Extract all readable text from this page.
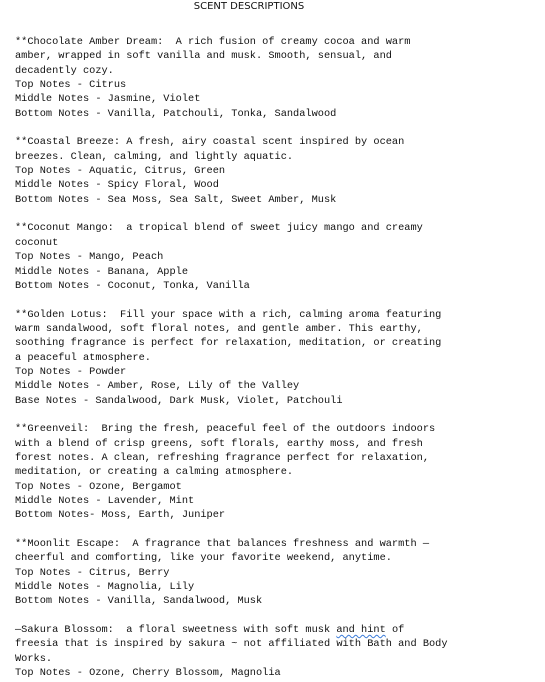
SCENT DESCRIPTIONS
**Chocolate Amber Dream:  A rich fusion of creamy cocoa and warm
amber, wrapped in soft vanilla and musk. Smooth, sensual, and
decadently cozy.
Top Notes - Citrus
Middle Notes - Jasmine, Violet
Bottom Notes - Vanilla, Patchouli, Tonka, Sandalwood
**Coastal Breeze: A fresh, airy coastal scent inspired by ocean
breezes. Clean, calming, and lightly aquatic.
Top Notes - Aquatic, Citrus, Green
Middle Notes - Spicy Floral, Wood
Bottom Notes - Sea Moss, Sea Salt, Sweet Amber, Musk
**Coconut Mango:  a tropical blend of sweet juicy mango and creamy
coconut
Top Notes - Mango, Peach
Middle Notes - Banana, Apple
Bottom Notes - Coconut, Tonka, Vanilla
**Golden Lotus:  Fill your space with a rich, calming aroma featuring
warm sandalwood, soft floral notes, and gentle amber. This earthy,
soothing fragrance is perfect for relaxation, meditation, or creating
a peaceful atmosphere.
Top Notes - Powder
Middle Notes - Amber, Rose, Lily of the Valley
Base Notes - Sandalwood, Dark Musk, Violet, Patchouli
**Greenveil:  Bring the fresh, peaceful feel of the outdoors indoors
with a blend of crisp greens, soft florals, earthy moss, and fresh
forest notes. A clean, refreshing fragrance perfect for relaxation,
meditation, or creating a calming atmosphere.
Top Notes - Ozone, Bergamot
Middle Notes - Lavender, Mint
Bottom Notes- Moss, Earth, Juniper
**Moonlit Escape:  A fragrance that balances freshness and warmth —
cheerful and comforting, like your favorite weekend, anytime.
Top Notes - Citrus, Berry
Middle Notes - Magnolia, Lily
Bottom Notes - Vanilla, Sandalwood, Musk
—Sakura Blossom:  a floral sweetness with soft musk and hint of
freesia that is inspired by sakura ~ not affiliated with Bath and Body
Works.
Top Notes - Ozone, Cherry Blossom, Magnolia
